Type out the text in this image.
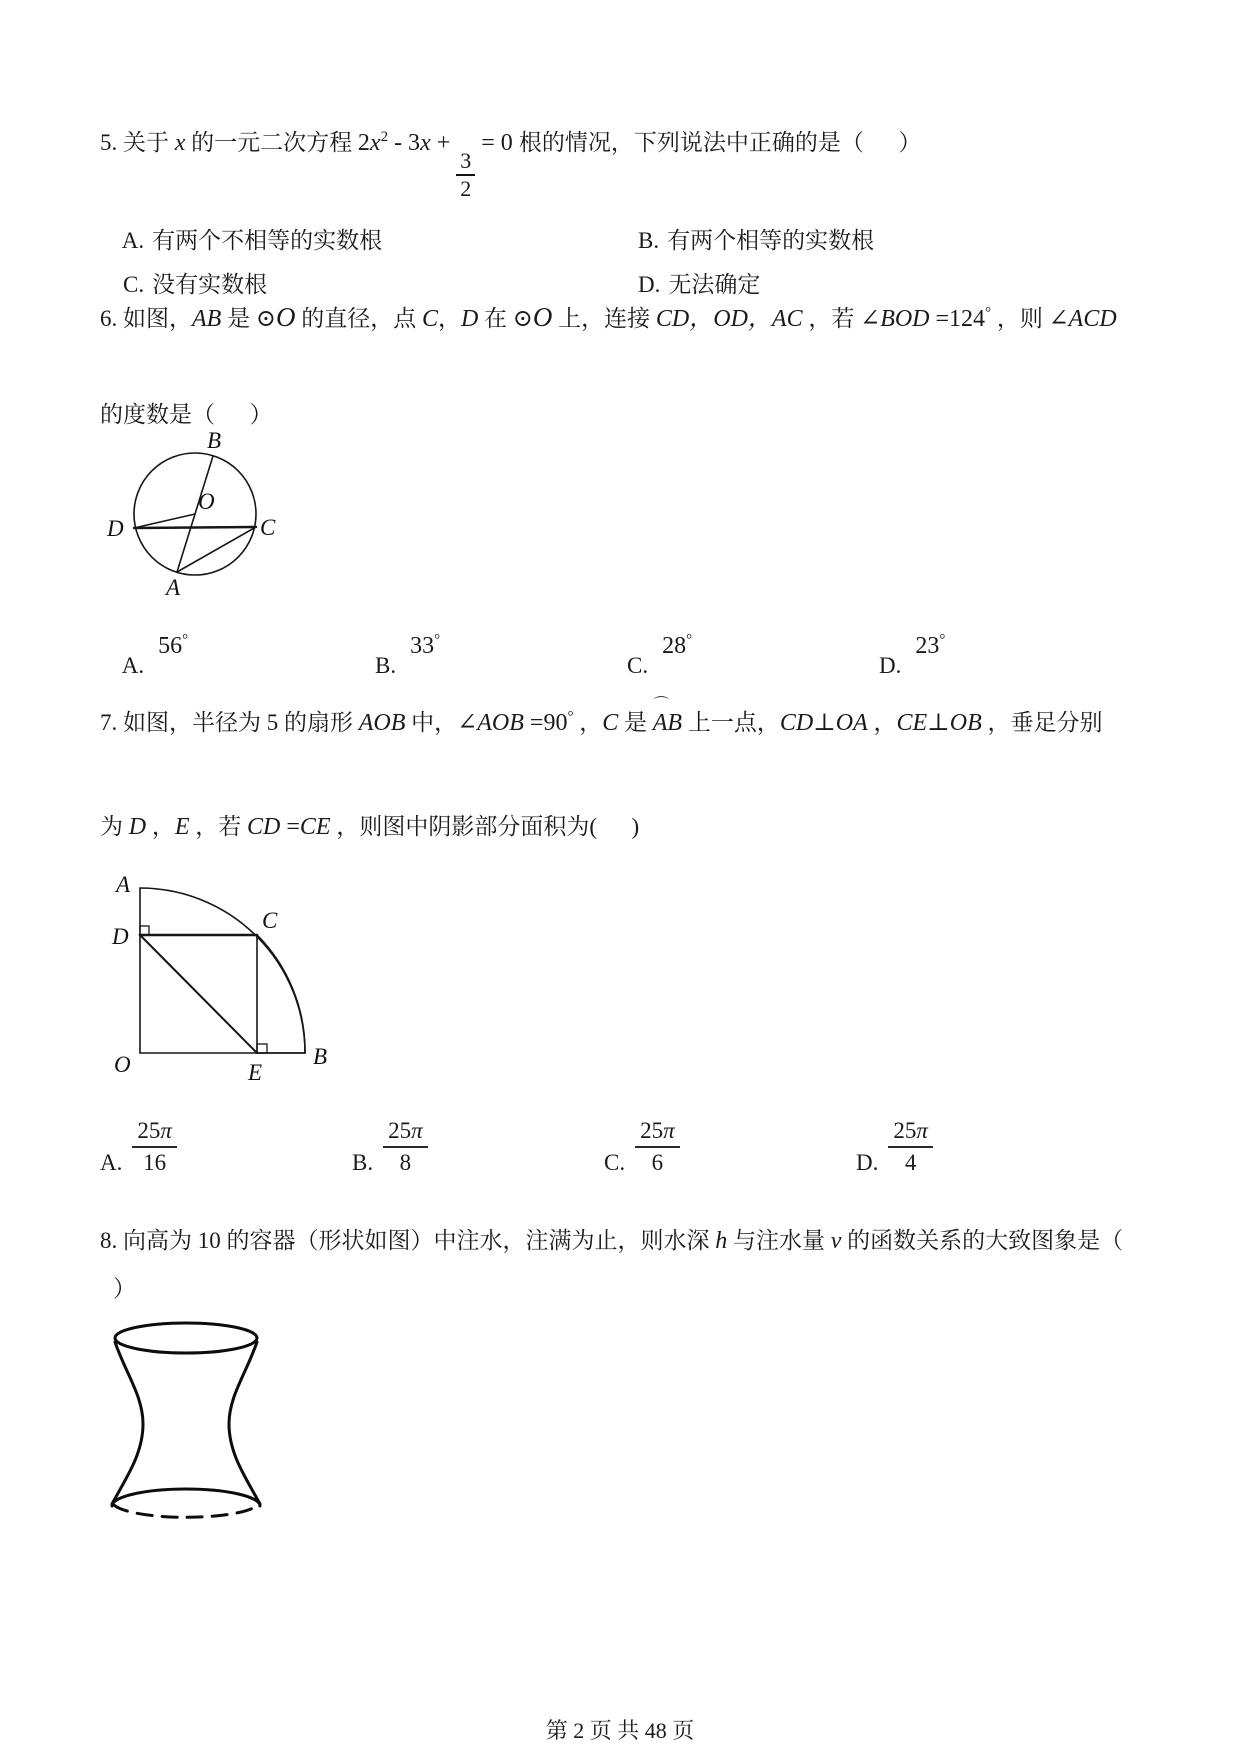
5. 关于 x 的一元二次方程 2x2 - 3x +
$\frac{3}{2}$
= 0 根的情况，下列说法中正确的是（      ）

A. 有两个不相等的实数根
	B. 有两个相等的实数根

C. 没有实数根
	D. 无法确定

6. 如图，AB 是 ⊙O 的直径，点 C，D 在 ⊙O 上，连接 CD，OD，AC ，若 ∠BOD =124° ，则 ∠ACD
的度数是（      ）
B
O
D	C
A

A.56°

B.33°

C.28°

D.23°

7. 如图，半径为 5 的扇形 AOB 中，∠AOB =90° ，C 是
⌒
AB 上一点，CD⊥OA ，CE⊥OB ，垂足分别
为 D ，E ，若 CD =CE ，则图中阴影部分面积为(      )
A
D
C
O	E
B
A. $\frac{25\pi}{16}$	B. $\frac{25\pi}{8}$	C. $\frac{25\pi}{6}$	D. $\frac{25\pi}{4}$
8. 向高为 10 的容器（形状如图）中注水，注满为止，则水深 h 与注水量 v 的函数关系的大致图象是（
）
第 2 页 共 48 页
